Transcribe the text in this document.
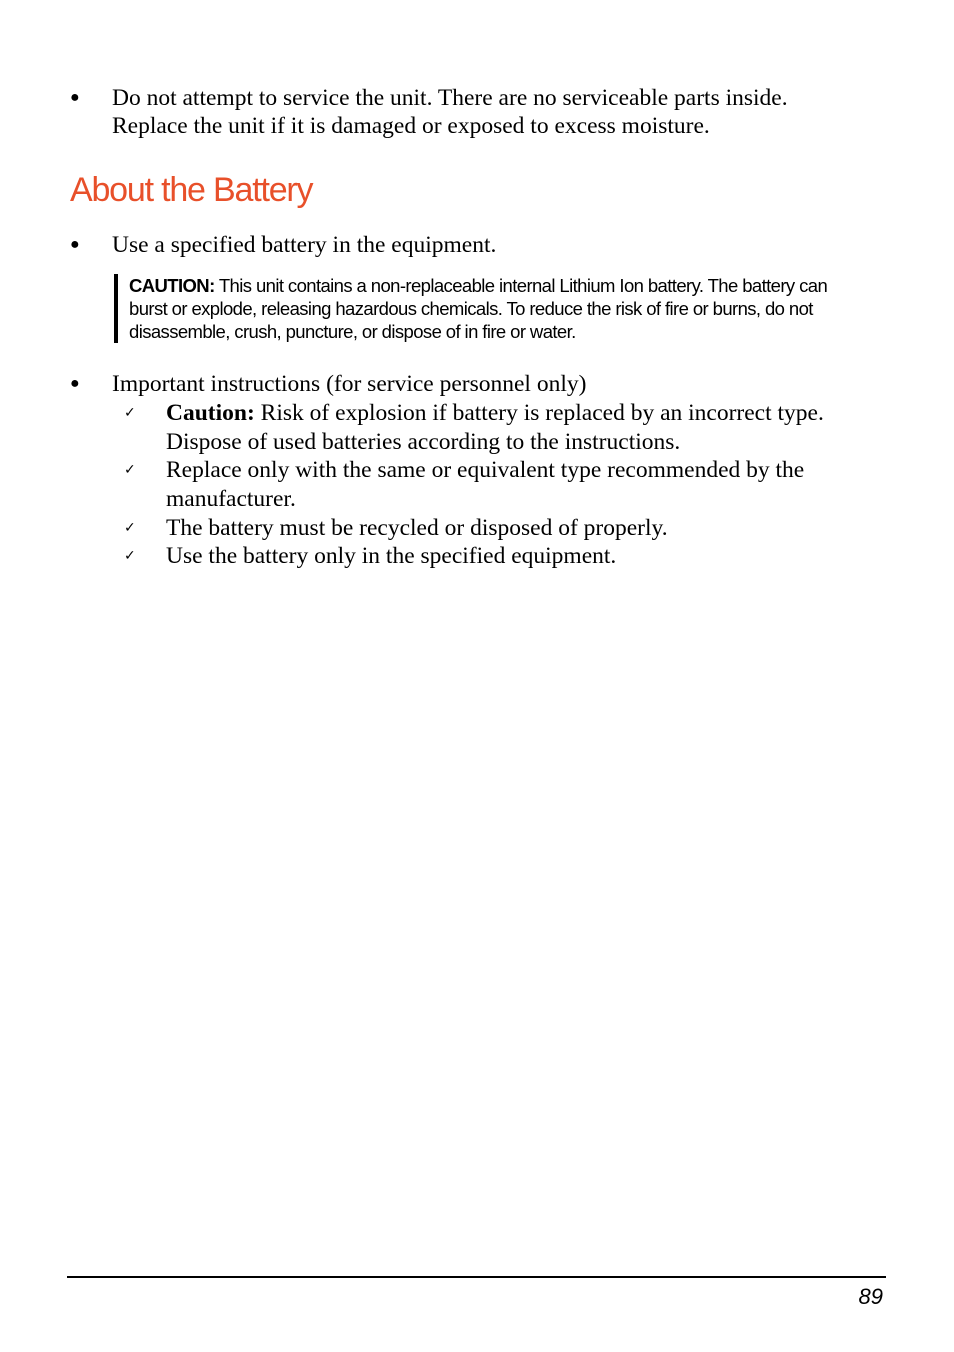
● Do not attempt to service the unit. There are no serviceable parts inside.
Replace the unit if it is damaged or exposed to excess moisture.
About the Battery
● Use a specified battery in the equipment.
CAUTION: This unit contains a non-replaceable internal Lithium Ion battery. The battery can
burst or explode, releasing hazardous chemicals. To reduce the risk of fire or burns, do not
disassemble, crush, puncture, or dispose of in fire or water.
● Important instructions (for service personnel only)
✓ Caution: Risk of explosion if battery is replaced by an incorrect type.
Dispose of used batteries according to the instructions.
✓ Replace only with the same or equivalent type recommended by the
manufacturer.
✓ The battery must be recycled or disposed of properly.
✓ Use the battery only in the specified equipment.
89
